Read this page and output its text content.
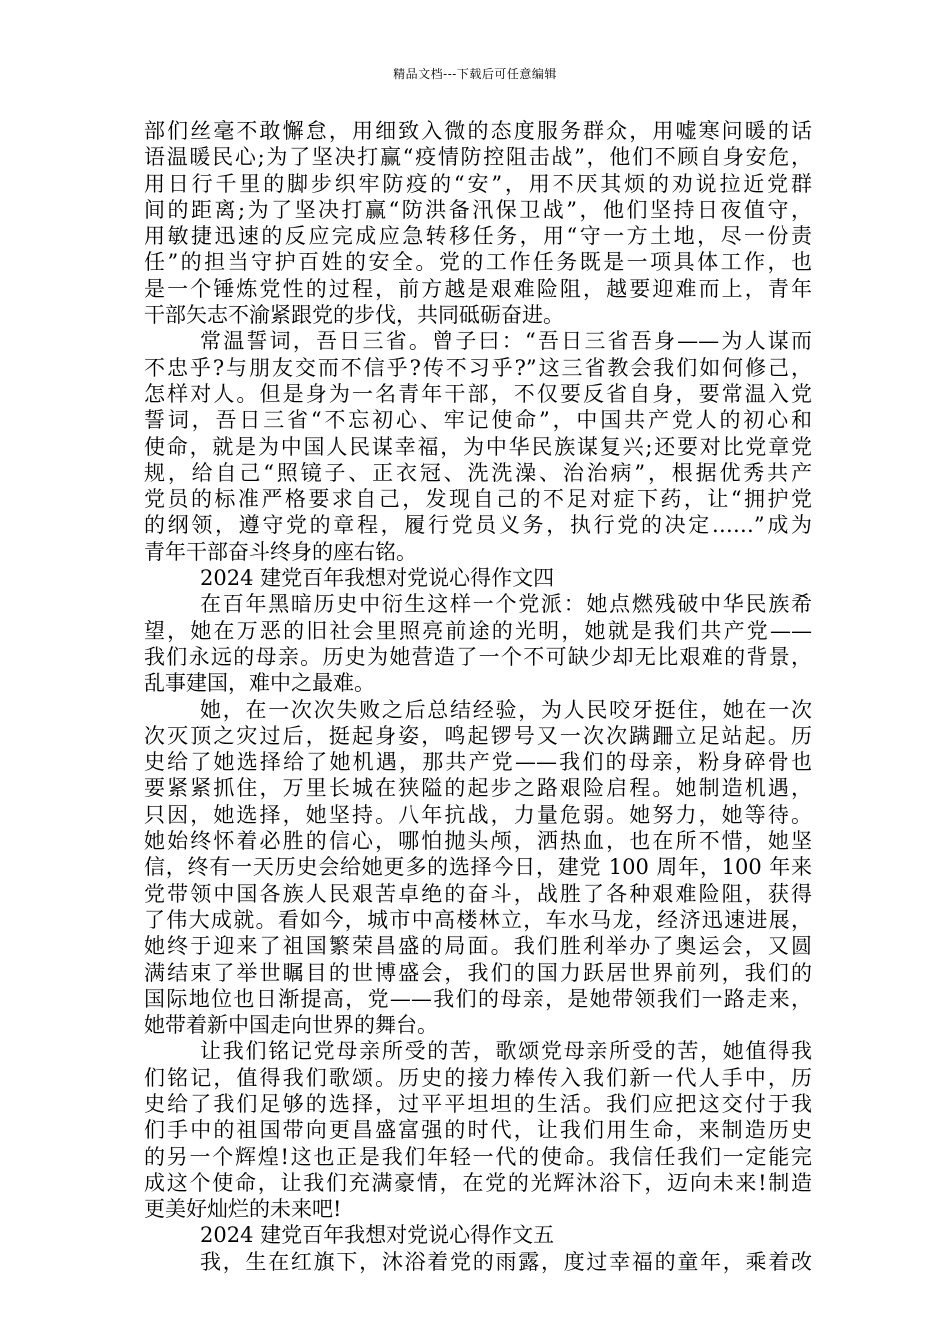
精品文档---下载后可任意编辑
部们丝毫不敢懈怠，用细致入微的态度服务群众，用嘘寒问暖的话
语温暖民心;为了坚决打赢“疫情防控阻击战”，他们不顾自身安危，
用日行千里的脚步织牢防疫的“安”，用不厌其烦的劝说拉近党群
间的距离;为了坚决打赢“防洪备汛保卫战”，他们坚持日夜值守，
用敏捷迅速的反应完成应急转移任务，用“守一方土地，尽一份责
任”的担当守护百姓的安全。党的工作任务既是一项具体工作，也
是一个锤炼党性的过程，前方越是艰难险阻，越要迎难而上，青年
干部矢志不渝紧跟党的步伐，共同砥砺奋进。
常温誓词，吾日三省。曾子曰：“吾日三省吾身——为人谋而
不忠乎?与朋友交而不信乎?传不习乎?”这三省教会我们如何修己，
怎样对人。但是身为一名青年干部，不仅要反省自身，要常温入党
誓词，吾日三省“不忘初心、牢记使命”，中国共产党人的初心和
使命，就是为中国人民谋幸福，为中华民族谋复兴;还要对比党章党
规，给自己“照镜子、正衣冠、洗洗澡、治治病”，根据优秀共产
党员的标准严格要求自己，发现自己的不足对症下药，让“拥护党
的纲领，遵守党的章程，履行党员义务，执行党的决定……”成为
青年干部奋斗终身的座右铭。
2024 建党百年我想对党说心得作文四
在百年黑暗历史中衍生这样一个党派：她点燃残破中华民族希
望，她在万恶的旧社会里照亮前途的光明，她就是我们共产党——
我们永远的母亲。历史为她营造了一个不可缺少却无比艰难的背景，
乱事建国，难中之最难。
她，在一次次失败之后总结经验，为人民咬牙挺住，她在一次
次灭顶之灾过后，挺起身姿，鸣起锣号又一次次蹒跚立足站起。历
史给了她选择给了她机遇，那共产党——我们的母亲，粉身碎骨也
要紧紧抓住，万里长城在狭隘的起步之路艰险启程。她制造机遇，
只因，她选择，她坚持。八年抗战，力量危弱。她努力，她等待。
她始终怀着必胜的信心，哪怕抛头颅，洒热血，也在所不惜，她坚
信，终有一天历史会给她更多的选择今日，建党 100 周年，100 年来
党带领中国各族人民艰苦卓绝的奋斗，战胜了各种艰难险阻，获得
了伟大成就。看如今，城市中高楼林立，车水马龙，经济迅速进展，
她终于迎来了祖国繁荣昌盛的局面。我们胜利举办了奥运会，又圆
满结束了举世瞩目的世博盛会，我们的国力跃居世界前列，我们的
国际地位也日渐提高，党——我们的母亲，是她带领我们一路走来，
她带着新中国走向世界的舞台。
让我们铭记党母亲所受的苦，歌颂党母亲所受的苦，她值得我
们铭记，值得我们歌颂。历史的接力棒传入我们新一代人手中，历
史给了我们足够的选择，过平平坦坦的生活。我们应把这交付于我
们手中的祖国带向更昌盛富强的时代，让我们用生命，来制造历史
的另一个辉煌!这也正是我们年轻一代的使命。我信任我们一定能完
成这个使命，让我们充满豪情，在党的光辉沐浴下，迈向未来!制造
更美好灿烂的未来吧!
2024 建党百年我想对党说心得作文五
我，生在红旗下，沐浴着党的雨露，度过幸福的童年，乘着改
